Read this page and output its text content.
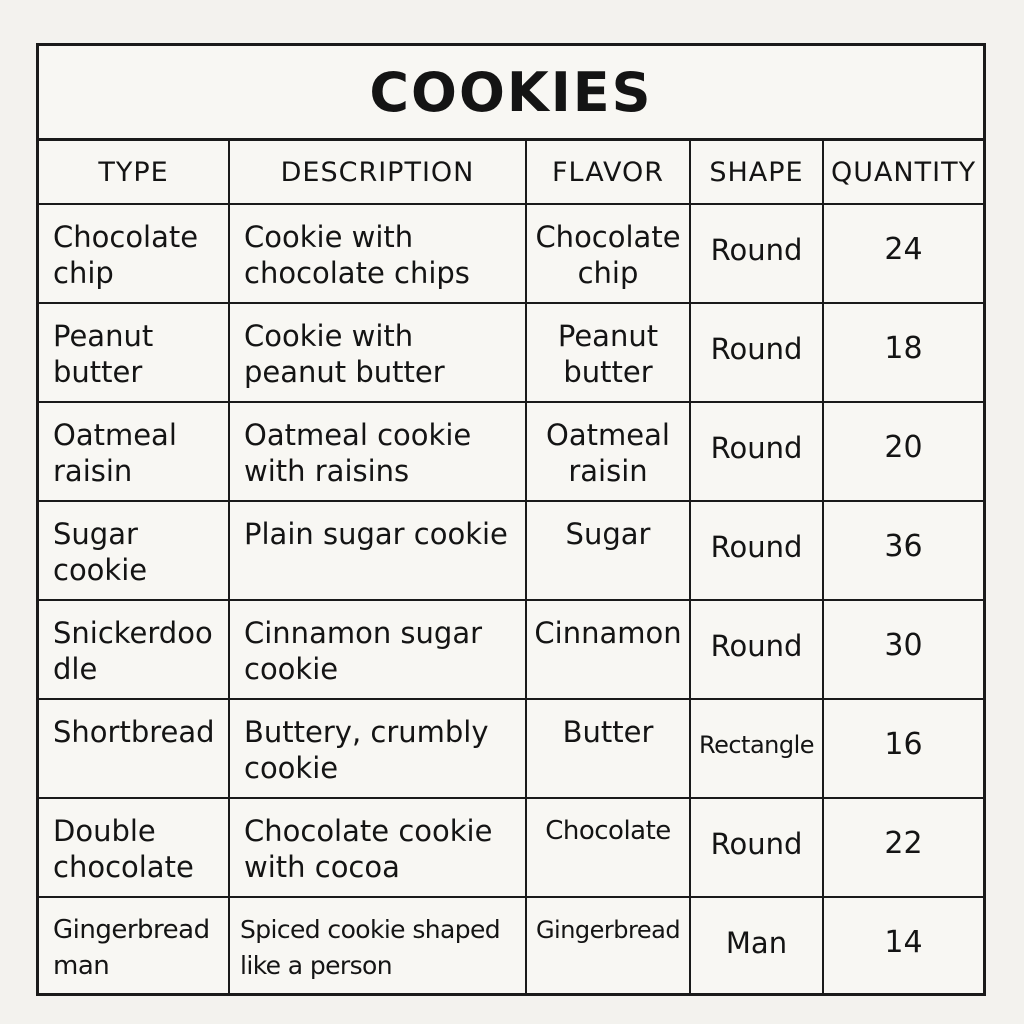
COOKIES
TYPE	DESCRIPTION	FLAVOR	SHAPE	QUANTITY
Chocolate chip	Cookie with chocolate chips	Chocolate chip	Round	24
Peanut butter	Cookie with peanut butter	Peanut butter	Round	18
Oatmeal raisin	Oatmeal cookie with raisins	Oatmeal raisin	Round	20
Sugar cookie	Plain sugar cookie	Sugar	Round	36
Snickerdoodle	Cinnamon sugar cookie	Cinnamon	Round	30
Shortbread	Buttery, crumbly cookie	Butter	Rectangle	16
Double chocolate	Chocolate cookie with cocoa	Chocolate	Round	22
Gingerbread man	Spiced cookie shaped like a person	Gingerbread	Man	14
